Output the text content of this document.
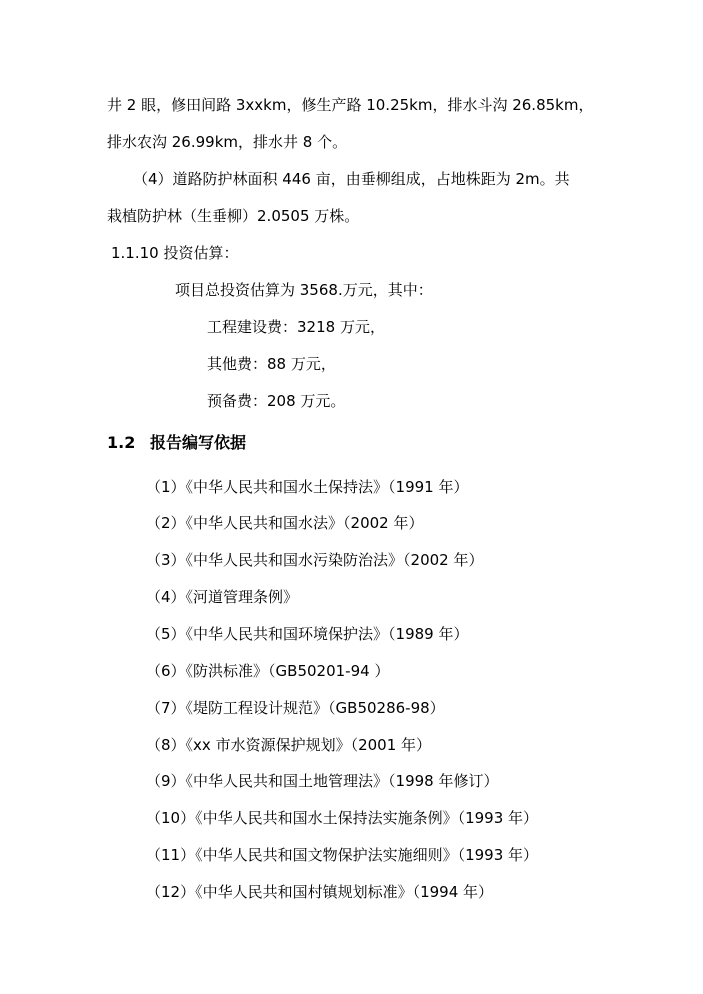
井 2 眼，修田间路 3xxkm，修生产路 10.25km，排水斗沟 26.85km，
排水农沟 26.99km，排水井 8 个。
（4）道路防护林面积 446 亩，由垂柳组成，占地株距为 2m。共
栽植防护林（生垂柳）2.0505 万株。
1.1.10 投资估算：
项目总投资估算为 3568.万元，其中：
工程建设费：3218 万元，
其他费：88 万元，
预备费：208 万元。
1.2 报告编写依据
（1）《中华人民共和国水土保持法》（1991 年）
（2）《中华人民共和国水法》（2002 年）
（3）《中华人民共和国水污染防治法》（2002 年）
（4）《河道管理条例》
（5）《中华人民共和国环境保护法》（1989 年）
（6）《防洪标准》（GB50201-94 ）
（7）《堤防工程设计规范》（GB50286-98）
（8）《xx 市水资源保护规划》（2001 年）
（9）《中华人民共和国土地管理法》（1998 年修订）
（10）《中华人民共和国水土保持法实施条例》（1993 年）
（11）《中华人民共和国文物保护法实施细则》（1993 年）
（12）《中华人民共和国村镇规划标准》（1994 年）
